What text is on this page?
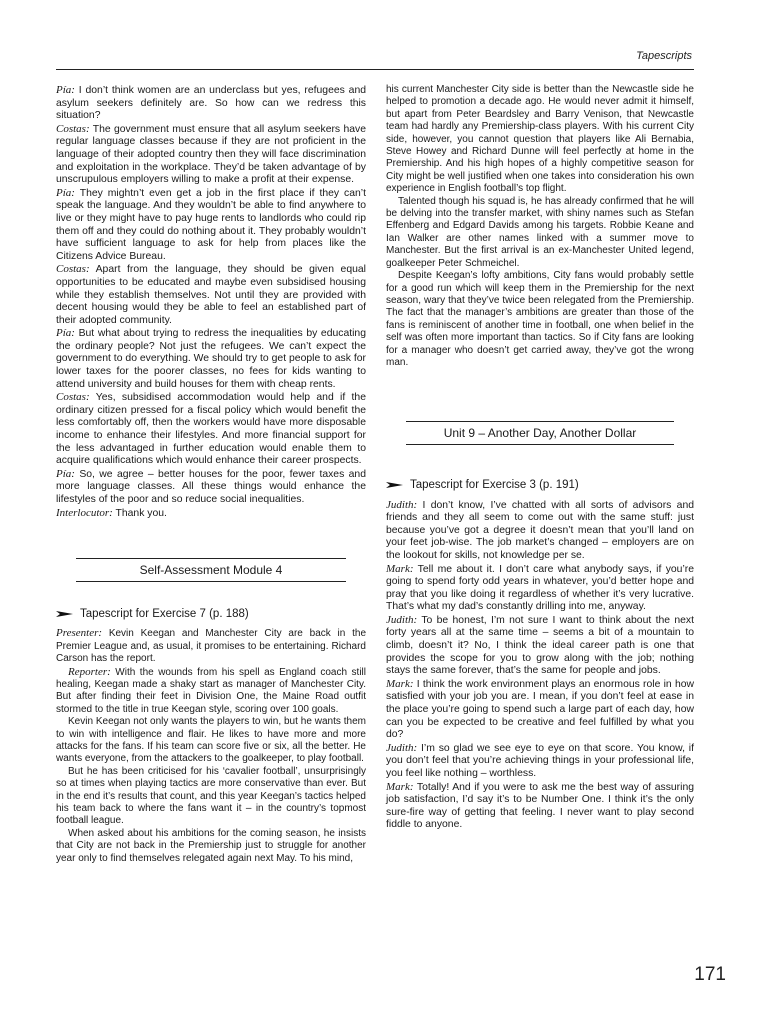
Tapescripts

Pía: I don’t think women are an underclass but yes, refugees and asylum seekers definitely are. So how can we redress this situation?

Costas: The government must ensure that all asylum seekers have regular language classes because if they are not proficient in the language of their adopted country then they will face discrimination and exploitation in the workplace. They’d be taken advantage of by unscrupulous employers willing to make a profit at their expense.

Pía: They mightn’t even get a job in the first place if they can’t speak the language. And they wouldn’t be able to find anywhere to live or they might have to pay huge rents to landlords who could rip them off and they could do nothing about it. They probably wouldn’t have sufficient language to ask for help from places like the Citizens Advice Bureau.

Costas: Apart from the language, they should be given equal opportunities to be educated and maybe even subsidised housing while they establish themselves. Not until they are provided with decent housing would they be able to feel an established part of their adopted community.

Pía: But what about trying to redress the inequalities by educating the ordinary people? Not just the refugees. We can’t expect the government to do everything. We should try to get people to ask for lower taxes for the poorer classes, no fees for kids wanting to attend university and build houses for them with cheap rents.

Costas: Yes, subsidised accommodation would help and if the ordinary citizen pressed for a fiscal policy which would benefit the less comfortably off, then the workers would have more disposable income to enhance their lifestyles. And more financial support for the less advantaged in further education would enable them to acquire qualifications which would enhance their career prospects.

Pía: So, we agree – better houses for the poor, fewer taxes and more language classes. All these things would enhance the lifestyles of the poor and so reduce social inequalities.

Interlocutor: Thank you.

Self-Assessment Module 4
Tapescript for Exercise 7 (p. 188)

Presenter: Kevin Keegan and Manchester City are back in the Premier League and, as usual, it promises to be entertaining. Richard Carson has the report.

Reporter: With the wounds from his spell as England coach still healing, Keegan made a shaky start as manager of Manchester City. But after finding their feet in Division One, the Maine Road outfit stormed to the title in true Keegan style, scoring over 100 goals.

Kevin Keegan not only wants the players to win, but he wants them to win with intelligence and flair. He likes to have more and more attacks for the fans. If his team can score five or six, all the better. He wants everyone, from the attackers to the goalkeeper, to play football.

But he has been criticised for his ‘cavalier football’, unsurprisingly so at times when playing tactics are more conservative than ever. But in the end it’s results that count, and this year Keegan’s tactics helped his team back to where the fans want it – in the country’s topmost football league.

When asked about his ambitions for the coming season, he insists that City are not back in the Premiership just to struggle for another year only to find themselves relegated again next May. To his mind,

his current Manchester City side is better than the Newcastle side he helped to promotion a decade ago. He would never admit it himself, but apart from Peter Beardsley and Barry Venison, that Newcastle team had hardly any Premiership-class players. With his current City side, however, you cannot question that players like Ali Bernabia, Steve Howey and Richard Dunne will feel perfectly at home in the Premiership. And his high hopes of a highly competitive season for City might be well justified when one takes into consideration his own experience in English football’s top flight.

Talented though his squad is, he has already confirmed that he will be delving into the transfer market, with shiny names such as Stefan Effenberg and Edgard Davids among his targets. Robbie Keane and Ian Walker are other names linked with a summer move to Manchester. But the first arrival is an ex-Manchester United legend, goalkeeper Peter Schmeichel.

Despite Keegan’s lofty ambitions, City fans would probably settle for a good run which will keep them in the Premiership for the next season, wary that they’ve twice been relegated from the Premiership. The fact that the manager’s ambitions are greater than those of the fans is reminiscent of another time in football, one when belief in the self was often more important than tactics. So if City fans are looking for a manager who doesn’t get carried away, they’ve got the wrong man.

Unit 9 – Another Day, Another Dollar
Tapescript for Exercise 3 (p. 191)

Judith: I don’t know, I’ve chatted with all sorts of advisors and friends and they all seem to come out with the same stuff: just because you’ve got a degree it doesn’t mean that you’ll land on your feet job-wise. The job market’s changed – employers are on the lookout for skills, not knowledge per se.

Mark: Tell me about it. I don’t care what anybody says, if you’re going to spend forty odd years in whatever, you’d better hope and pray that you like doing it regardless of whether it’s very lucrative. That’s what my dad’s constantly drilling into me, anyway.

Judith: To be honest, I’m not sure I want to think about the next forty years all at the same time – seems a bit of a mountain to climb, doesn’t it? No, I think the ideal career path is one that provides the scope for you to grow along with the job; nothing stays the same forever, that’s the same for people and jobs.

Mark: I think the work environment plays an enormous role in how satisfied with your job you are. I mean, if you don’t feel at ease in the place you’re going to spend such a large part of each day, how can you be expected to be creative and feel fulfilled by what you do?

Judith: I’m so glad we see eye to eye on that score. You know, if you don’t feel that you’re achieving things in your professional life, you feel like nothing – worthless.

Mark: Totally! And if you were to ask me the best way of assuring job satisfaction, I’d say it’s to be Number One. I think it’s the only sure-fire way of getting that feeling. I never want to play second fiddle to anyone.

171
